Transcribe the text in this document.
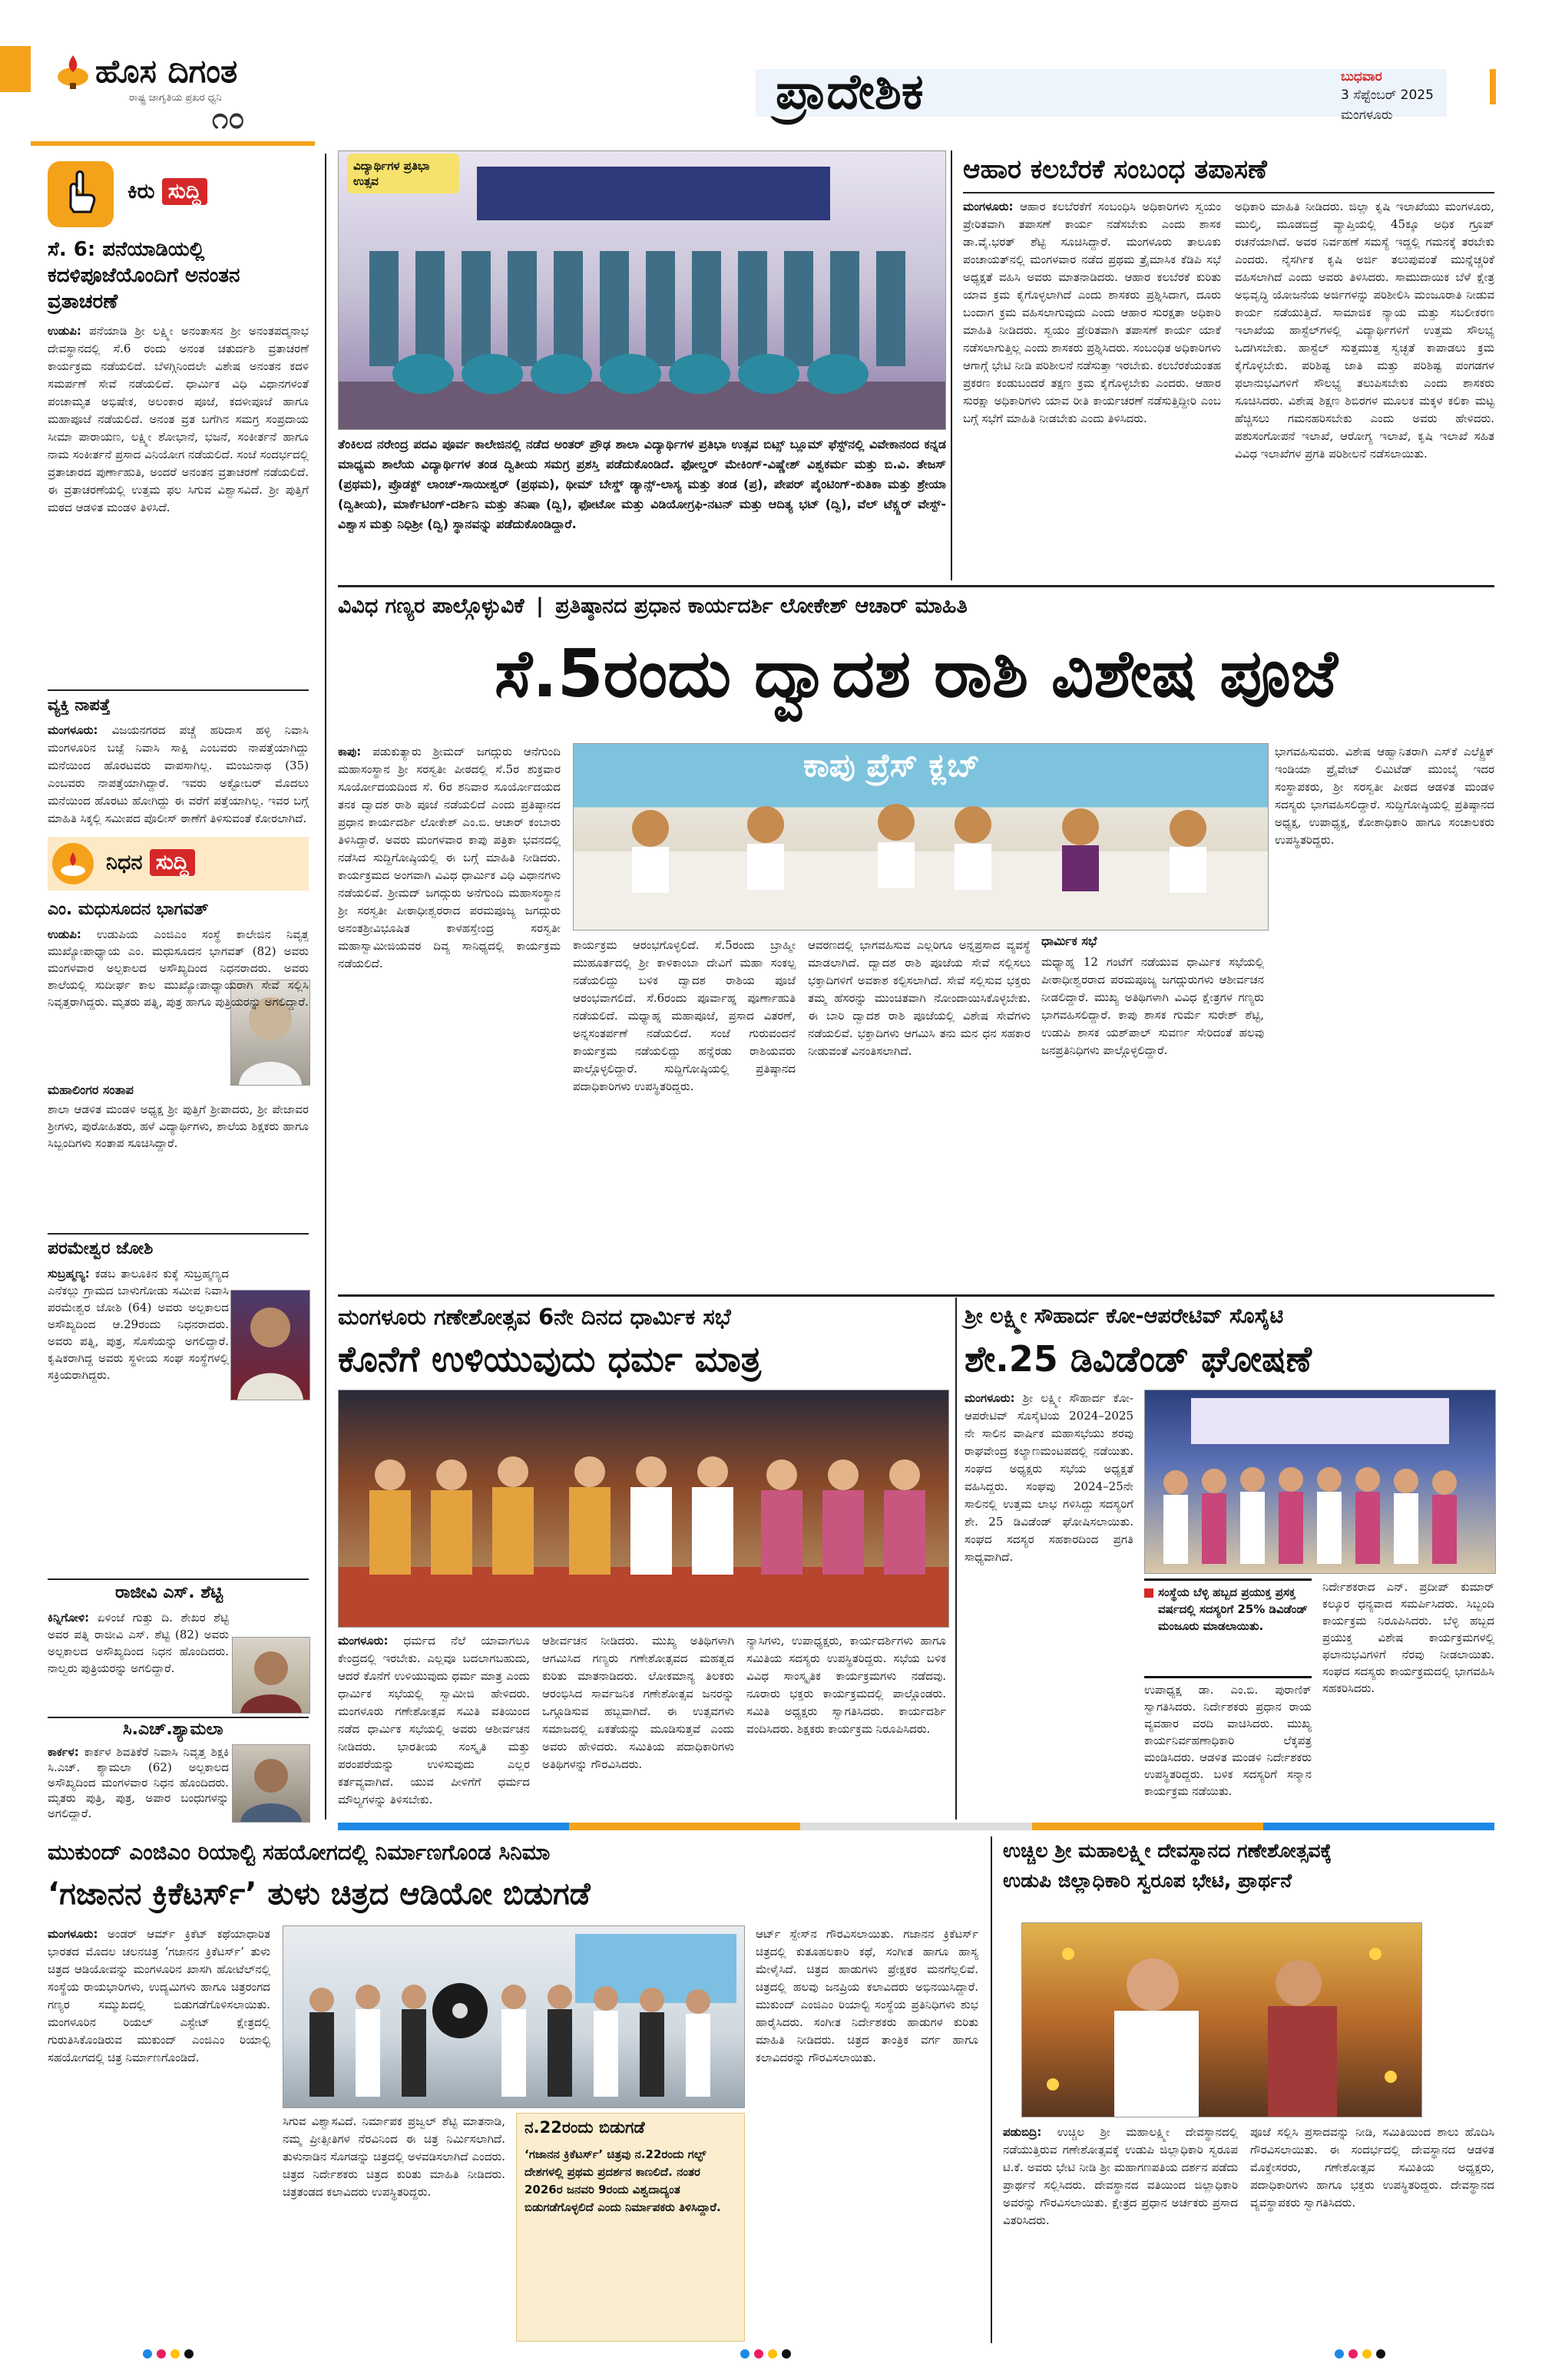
ಹೊಸ ದಿಗಂತ
ರಾಷ್ಟ್ರ ಜಾಗೃತಿಯ ಪ್ರಖರ ಧ್ವನಿ
೧೦	ಪ್ರಾದೇಶಿಕ	ಬುಧವಾರ
3 ಸೆಪ್ಟೆಂಬರ್ 2025
ಮಂಗಳೂರು
ಕಿರು ಸುದ್ದಿ
ಸೆ. 6: ಪನೆಯಾಡಿಯಲ್ಲಿ ಕದಳಿಪೂಜೆಯೊಂದಿಗೆ ಅನಂತನ ವ್ರತಾಚರಣೆ

ಉಡುಪಿ: ಪನೆಯಾಡಿ ಶ್ರೀ ಲಕ್ಷ್ಮೀ ಅನಂತಾಸನ ಶ್ರೀ ಅನಂತಪದ್ಮನಾಭ ದೇವಸ್ಥಾನದಲ್ಲಿ ಸೆ.6 ರಂದು ಅನಂತ ಚತುರ್ದಶಿ ವ್ರತಾಚರಣೆ ಕಾರ್ಯಕ್ರಮ ನಡೆಯಲಿದೆ. ಬೆಳಗ್ಗಿನಿಂದಲೇ ವಿಶೇಷ ಅನಂತನ ಕದಳಿ ಸಮರ್ಪಣೆ ಸೇವೆ ನಡೆಯಲಿದೆ. ಧಾರ್ಮಿಕ ವಿಧಿ ವಿಧಾನಗಳಂತೆ ಪಂಚಾಮೃತ ಅಭಿಷೇಕ, ಅಲಂಕಾರ ಪೂಜೆ, ಕದಳೀಪೂಜೆ ಹಾಗೂ ಮಹಾಪೂಜೆ ನಡೆಯಲಿದೆ. ಅನಂತ ವ್ರತ ಬಗೆಗಿನ ಸಮಗ್ರ ಸಂಪ್ರದಾಯ ಸೀಮಾ ಪಾರಾಯಣ, ಲಕ್ಷ್ಮೀ ಶೋಭಾನೆ, ಭಜನೆ, ಸಂಕೀರ್ತನೆ ಹಾಗೂ ನಾಮ ಸಂಕೀರ್ತನೆ ಪ್ರಸಾದ ವಿನಿಯೋಗ ನಡೆಯಲಿದೆ. ಸಂಜೆ ಸಂದರ್ಭದಲ್ಲಿ ವ್ರತಾಚಾರದ ಪುರ್ಣಾಹುತಿ, ಅಂದರೆ ಅನಂತನ ವ್ರತಾಚರಣೆ ನಡೆಯಲಿದೆ. ಈ ವ್ರತಾಚರಣೆಯಲ್ಲಿ ಉತ್ತಮ ಫಲ ಸಿಗುವ ವಿಶ್ವಾಸವಿದೆ. ಶ್ರೀ ಪುತ್ತಿಗೆ ಮಠದ ಆಡಳಿತ ಮಂಡಳಿ ತಿಳಿಸಿದೆ.

ವ್ಯಕ್ತಿ ನಾಪತ್ತೆ

ಮಂಗಳೂರು: ವಿಜಯನಗರದ ಪಚ್ಚೆ ಹರಿದಾಸ ಹಳ್ಳಿ ನಿವಾಸಿ ಮಂಗಳೂರಿನ ಬಜ್ಪೆ ನಿವಾಸಿ ಸಾಕ್ಷಿ ಎಂಬವರು ನಾಪತ್ತೆಯಾಗಿದ್ದು ಮನೆಯಿಂದ ಹೊರಟವರು ವಾಪಸಾಗಿಲ್ಲ. ಮಂಜುನಾಥ (35) ಎಂಬವರು ನಾಪತ್ತೆಯಾಗಿದ್ದಾರೆ. ಇವರು ಅಕ್ಟೋಬರ್ ಮೊದಲು ಮನೆಯಿಂದ ಹೊರಟು ಹೋಗಿದ್ದು ಈ ವರೆಗೆ ಪತ್ತೆಯಾಗಿಲ್ಲ. ಇವರ ಬಗ್ಗೆ ಮಾಹಿತಿ ಸಿಕ್ಕಲ್ಲಿ ಸಮೀಪದ ಪೊಲೀಸ್ ಠಾಣೆಗೆ ತಿಳಿಸುವಂತೆ ಕೋರಲಾಗಿದೆ.

ನಿಧನ ಸುದ್ದಿ
ಎಂ. ಮಧುಸೂದನ ಭಾಗವತ್

ಉಡುಪಿ: ಉಡುಪಿಯ ಎಂಜಿಎಂ ಸಂಸ್ಥೆ ಕಾಲೇಜಿನ ನಿವೃತ್ತ ಮುಖ್ಯೋಪಾಧ್ಯಾಯ ಎಂ. ಮಧುಸೂದನ ಭಾಗವತ್ (82) ಅವರು ಮಂಗಳವಾರ ಅಲ್ಪಕಾಲದ ಅಸೌಖ್ಯದಿಂದ ನಿಧನರಾದರು. ಅವರು ಶಾಲೆಯಲ್ಲಿ ಸುದೀರ್ಘ ಕಾಲ ಮುಖ್ಯೋಪಾಧ್ಯಾಯರಾಗಿ ಸೇವೆ ಸಲ್ಲಿಸಿ ನಿವೃತ್ತರಾಗಿದ್ದರು. ಮೃತರು ಪತ್ನಿ, ಪುತ್ರ ಹಾಗೂ ಪುತ್ರಿಯರನ್ನು ಅಗಲಿದ್ದಾರೆ.

ಮಹಾಲಿಂಗರ ಸಂತಾಪ

ಶಾಲಾ ಆಡಳಿತ ಮಂಡಳಿ ಅಧ್ಯಕ್ಷ ಶ್ರೀ ಪುತ್ತಿಗೆ ಶ್ರೀಪಾದರು, ಶ್ರೀ ಪೇಜಾವರ ಶ್ರೀಗಳು, ಪುರೋಹಿತರು, ಹಳೆ ವಿದ್ಯಾರ್ಥಿಗಳು, ಶಾಲೆಯ ಶಿಕ್ಷಕರು ಹಾಗೂ ಸಿಬ್ಬಂದಿಗಳು ಸಂತಾಪ ಸೂಚಿಸಿದ್ದಾರೆ.

ಪರಮೇಶ್ವರ ಜೋಶಿ

ಸುಬ್ರಹ್ಮಣ್ಯ: ಕಡಬ ತಾಲೂಕಿನ ಕುಕ್ಕೆ ಸುಬ್ರಹ್ಮಣ್ಯದ ಎನೆಕಲ್ಲು ಗ್ರಾಮದ ಬಾಳುಗೋಡು ಸಮೀಪ ನಿವಾಸಿ ಪರಮೇಶ್ವರ ಜೋಶಿ (64) ಅವರು ಅಲ್ಪಕಾಲದ ಅಸೌಖ್ಯದಿಂದ ಆ.29ರಂದು ನಿಧನರಾದರು. ಅವರು ಪತ್ನಿ, ಪುತ್ರ, ಸೊಸೆಯನ್ನು ಅಗಲಿದ್ದಾರೆ. ಕೃಷಿಕರಾಗಿದ್ದ ಅವರು ಸ್ಥಳೀಯ ಸಂಘ ಸಂಸ್ಥೆಗಳಲ್ಲಿ ಸಕ್ರಿಯರಾಗಿದ್ದರು.

ರಾಜೀವಿ ಎಸ್. ಶೆಟ್ಟಿ

ಕಿನ್ನಿಗೋಳಿ: ಏಳಿಂಜೆ ಗುತ್ತು ದಿ. ಶೇಖರ ಶೆಟ್ಟಿ ಅವರ ಪತ್ನಿ ರಾಜೀವಿ ಎಸ್. ಶೆಟ್ಟಿ (82) ಅವರು ಅಲ್ಪಕಾಲದ ಅಸೌಖ್ಯದಿಂದ ನಿಧನ ಹೊಂದಿದರು. ನಾಲ್ವರು ಪುತ್ರಿಯರನ್ನು ಅಗಲಿದ್ದಾರೆ.

ಸಿ.ಎಚ್.ಶ್ಯಾಮಲಾ

ಕಾರ್ಕಳ: ಕಾರ್ಕಳ ಶಿವತಿಕೆರೆ ನಿವಾಸಿ ನಿವೃತ್ತ ಶಿಕ್ಷಕಿ ಸಿ.ಎಚ್. ಶ್ಯಾಮಲಾ (62) ಅಲ್ಪಕಾಲದ ಅಸೌಖ್ಯದಿಂದ ಮಂಗಳವಾರ ನಿಧನ ಹೊಂದಿದರು. ಮೃತರು ಪುತ್ರಿ, ಪುತ್ರ, ಅಪಾರ ಬಂಧುಗಳನ್ನು ಅಗಲಿದ್ದಾರೆ.

ವಿದ್ಯಾರ್ಥಿಗಳ ಪ್ರತಿಭಾ ಉತ್ಸವ

ತೆಂಕಿಲದ ನರೇಂದ್ರ ಪದವಿ ಪೂರ್ವ ಕಾಲೇಜಿನಲ್ಲಿ ನಡೆದ ಅಂತರ್ ಪ್ರೌಢ ಶಾಲಾ ವಿದ್ಯಾರ್ಥಿಗಳ ಪ್ರತಿಭಾ ಉತ್ಸವ ಬಿಟ್ಸ್ ಬ್ಲೂಮ್ ಫೆಸ್ಟ್‌ನಲ್ಲಿ ವಿವೇಕಾನಂದ ಕನ್ನಡ ಮಾಧ್ಯಮ ಶಾಲೆಯ ವಿದ್ಯಾರ್ಥಿಗಳ ತಂಡ ದ್ವಿತೀಯ ಸಮಗ್ರ ಪ್ರಶಸ್ತಿ ಪಡೆದುಕೊಂಡಿದೆ. ಫೋಲ್ಡರ್ ಮೇಕಿಂಗ್-ವಿಷ್ಣೇಶ್ ವಿಶ್ವಕರ್ಮ ಮತ್ತು ಬಿ.ವಿ. ತೇಜಸ್ (ಪ್ರಥಮ), ಪ್ರೊಡಕ್ಟ್ ಲಾಂಚ್-ಸಾಯೀಶ್ವರ್ (ಪ್ರಥಮ), ಥೀಮ್ ಬೇಸ್ಡ್ ಡ್ಯಾನ್ಸ್-ಲಾಸ್ಯ ಮತ್ತು ತಂಡ (ಪ್ರ), ಪೇಪರ್ ಪೈಂಟಿಂಗ್-ಕುತಿಕಾ ಮತ್ತು ಶ್ರೇಯಾ (ದ್ವಿತೀಯ), ಮಾರ್ಕೆಟಿಂಗ್-ದರ್ಶಿನಿ ಮತ್ತು ತನಿಷಾ (ದ್ವಿ), ಫೋಟೋ ಮತ್ತು ವಿಡಿಯೋಗ್ರಫಿ-ನಟನ್ ಮತ್ತು ಆದಿತ್ಯ ಭಟ್ (ದ್ವಿ), ವೆಲ್ ಟೆಕ್ಸ್ಚರ್ ವೇಸ್ಟ್-ವಿಶ್ವಾಸ ಮತ್ತು ನಿಧಿಶ್ರೀ (ದ್ವಿ) ಸ್ಥಾನವನ್ನು ಪಡೆದುಕೊಂಡಿದ್ದಾರೆ.

ಆಹಾರ ಕಲಬೆರಕೆ ಸಂಬಂಧ ತಪಾಸಣೆ

ಮಂಗಳೂರು: ಆಹಾರ ಕಲಬೆರಕೆಗೆ ಸಂಬಂಧಿಸಿ ಅಧಿಕಾರಿಗಳು ಸ್ವಯಂ ಪ್ರೇರಿತವಾಗಿ ತಪಾಸಣೆ ಕಾರ್ಯ ನಡೆಸಬೇಕು ಎಂದು ಶಾಸಕ ಡಾ.ವೈ.ಭರತ್ ಶೆಟ್ಟಿ ಸೂಚಿಸಿದ್ದಾರೆ. ಮಂಗಳೂರು ತಾಲೂಕು ಪಂಚಾಯತ್‌ನಲ್ಲಿ ಮಂಗಳವಾರ ನಡೆದ ಪ್ರಥಮ ತ್ರೈಮಾಸಿಕ ಕೆಡಿಪಿ ಸಭೆ ಅಧ್ಯಕ್ಷತೆ ವಹಿಸಿ ಅವರು ಮಾತನಾಡಿದರು. ಆಹಾರ ಕಲಬೆರಕೆ ಕುರಿತು ಯಾವ ಕ್ರಮ ಕೈಗೊಳ್ಳಲಾಗಿದೆ ಎಂದು ಶಾಸಕರು ಪ್ರಶ್ನಿಸಿದಾಗ, ದೂರು ಬಂದಾಗ ಕ್ರಮ ವಹಿಸಲಾಗುವುದು ಎಂದು ಆಹಾರ ಸುರಕ್ಷತಾ ಅಧಿಕಾರಿ ಮಾಹಿತಿ ನೀಡಿದರು. ಸ್ವಯಂ ಪ್ರೇರಿತವಾಗಿ ತಪಾಸಣೆ ಕಾರ್ಯ ಯಾಕೆ ನಡೆಸಲಾಗುತ್ತಿಲ್ಲ ಎಂದು ಶಾಸಕರು ಪ್ರಶ್ನಿಸಿದರು. ಸಂಬಂಧಿತ ಅಧಿಕಾರಿಗಳು ಆಗಾಗ್ಗೆ ಭೇಟಿ ನೀಡಿ ಪರಿಶೀಲನೆ ನಡೆಸುತ್ತಾ ಇರಬೇಕು. ಕಲಬೆರಕೆಯಂತಹ ಪ್ರಕರಣ ಕಂಡುಬಂದರೆ ತಕ್ಷಣ ಕ್ರಮ ಕೈಗೊಳ್ಳಬೇಕು ಎಂದರು. ಆಹಾರ ಸುರಕ್ಷಾ ಅಧಿಕಾರಿಗಳು ಯಾವ ರೀತಿ ಕಾರ್ಯಚರಣೆ ನಡೆಸುತ್ತಿದ್ದೀರಿ ಎಂಬ ಬಗ್ಗೆ ಸಭೆಗೆ ಮಾಹಿತಿ ನೀಡಬೇಕು ಎಂದು ತಿಳಿಸಿದರು.

ಅಧಿಕಾರಿ ಮಾಹಿತಿ ನೀಡಿದರು. ಜಿಲ್ಲಾ ಕೃಷಿ ಇಲಾಖೆಯು ಮಂಗಳೂರು, ಮುಲ್ಕಿ, ಮೂಡಬಿದ್ರೆ ವ್ಯಾಪ್ತಿಯಲ್ಲಿ 45ಕ್ಕೂ ಅಧಿಕ ಗ್ರೂಪ್‌ ರಚನೆಯಾಗಿದೆ. ಅವರ ನಿರ್ವಹಣೆ ಸಮಸ್ಯೆ ಇದ್ದಲ್ಲಿ ಗಮನಕ್ಕೆ ತರಬೇಕು ಎಂದರು. ನೈಸರ್ಗಿಕ ಕೃಷಿ ಅರ್ಜಿ ತಲುಪುವಂತೆ ಮುನ್ನೆಚ್ಚರಿಕೆ ವಹಿಸಲಾಗಿದೆ ಎಂದು ಅವರು ತಿಳಿಸಿದರು. ಸಾಮುದಾಯಿಕ ಬೆಳೆ ಕ್ಷೇತ್ರ ಅಭಿವೃದ್ಧಿ ಯೋಜನೆಯ ಅರ್ಜಿಗಳನ್ನು ಪರಿಶೀಲಿಸಿ ಮಂಜೂರಾತಿ ನೀಡುವ ಕಾರ್ಯ ನಡೆಯುತ್ತಿದೆ. ಸಾಮಾಜಿಕ ನ್ಯಾಯ ಮತ್ತು ಸಬಲೀಕರಣ ಇಲಾಖೆಯ ಹಾಸ್ಟೆಲ್‌ಗಳಲ್ಲಿ ವಿದ್ಯಾರ್ಥಿಗಳಿಗೆ ಉತ್ತಮ ಸೌಲಭ್ಯ ಒದಗಿಸಬೇಕು. ಹಾಸ್ಟೆಲ್ ಸುತ್ತಮುತ್ತ ಸ್ವಚ್ಛತೆ ಕಾಪಾಡಲು ಕ್ರಮ ಕೈಗೊಳ್ಳಬೇಕು. ಪರಿಶಿಷ್ಟ ಜಾತಿ ಮತ್ತು ಪರಿಶಿಷ್ಟ ಪಂಗಡಗಳ ಫಲಾನುಭವಿಗಳಿಗೆ ಸೌಲಭ್ಯ ತಲುಪಿಸಬೇಕು ಎಂದು ಶಾಸಕರು ಸೂಚಿಸಿದರು. ವಿಶೇಷ ಶಿಕ್ಷಣ ಶಿಬಿರಗಳ ಮೂಲಕ ಮಕ್ಕಳ ಕಲಿಕಾ ಮಟ್ಟ ಹೆಚ್ಚಿಸಲು ಗಮನಹರಿಸಬೇಕು ಎಂದು ಅವರು ಹೇಳಿದರು. ಪಶುಸಂಗೋಪನೆ ಇಲಾಖೆ, ಆರೋಗ್ಯ ಇಲಾಖೆ, ಕೃಷಿ ಇಲಾಖೆ ಸಹಿತ ವಿವಿಧ ಇಲಾಖೆಗಳ ಪ್ರಗತಿ ಪರಿಶೀಲನೆ ನಡೆಸಲಾಯಿತು.

ವಿವಿಧ ಗಣ್ಯರ ಪಾಲ್ಗೊಳ್ಳುವಿಕೆ | ಪ್ರತಿಷ್ಠಾನದ ಪ್ರಧಾನ ಕಾರ್ಯದರ್ಶಿ ಲೋಕೇಶ್ ಆಚಾರ್ ಮಾಹಿತಿ
ಸೆ.5ರಂದು ದ್ವಾದಶ ರಾಶಿ ವಿಶೇಷ ಪೂಜೆ
ಕಾಪು ಪ್ರೆಸ್ ಕ್ಲಬ್

ಕಾಪು: ಪಡುಕುತ್ಯಾರು ಶ್ರೀಮದ್ ಜಗದ್ಗುರು ಆನೆಗುಂದಿ ಮಹಾಸಂಸ್ಥಾನ ಶ್ರೀ ಸರಸ್ವತೀ ಪೀಠದಲ್ಲಿ ಸೆ.5ರ ಶುಕ್ರವಾರ ಸೂರ್ಯೋದಯದಿಂದ ಸೆ. 6ರ ಶನಿವಾರ ಸೂರ್ಯೋದಯದ ತನಕ ದ್ವಾದಶ ರಾಶಿ ಪೂಜೆ ನಡೆಯಲಿದೆ ಎಂದು ಪ್ರತಿಷ್ಠಾನದ ಪ್ರಧಾನ ಕಾರ್ಯದರ್ಶಿ ಲೋಕೇಶ್ ಎಂ.ಬಿ. ಆಚಾರ್ ಕಂಬಾರು ತಿಳಿಸಿದ್ದಾರೆ. ಅವರು ಮಂಗಳವಾರ ಕಾಪು ಪತ್ರಿಕಾ ಭವನದಲ್ಲಿ ನಡೆಸಿದ ಸುದ್ದಿಗೋಷ್ಠಿಯಲ್ಲಿ ಈ ಬಗ್ಗೆ ಮಾಹಿತಿ ನೀಡಿದರು. ಕಾರ್ಯಕ್ರಮದ ಅಂಗವಾಗಿ ವಿವಿಧ ಧಾರ್ಮಿಕ ವಿಧಿ ವಿಧಾನಗಳು ನಡೆಯಲಿವೆ. ಶ್ರೀಮದ್ ಜಗದ್ಗುರು ಅನೆಗುಂದಿ ಮಹಾಸಂಸ್ಥಾನ ಶ್ರೀ ಸರಸ್ವತೀ ಪೀಠಾಧೀಶ್ವರರಾದ ಪರಮಪೂಜ್ಯ ಜಗದ್ಗುರು ಅನಂತಶ್ರೀವಿಭೂಷಿತ ಕಾಳಹಸ್ತೇಂದ್ರ ಸರಸ್ವತೀ ಮಹಾಸ್ವಾಮೀಜಿಯವರ ದಿವ್ಯ ಸಾನಿಧ್ಯದಲ್ಲಿ ಕಾರ್ಯಕ್ರಮ ನಡೆಯಲಿದೆ.

ಕಾರ್ಯಕ್ರಮ ಆರಂಭಗೊಳ್ಳಲಿದೆ. ಸೆ.5ರಂದು ಬ್ರಾಹ್ಮೀ ಮುಹೂರ್ತದಲ್ಲಿ ಶ್ರೀ ಕಾಳಿಕಾಂಬಾ ದೇವಿಗೆ ಮಹಾ ಸಂಕಲ್ಪ ನಡೆಯಲಿದ್ದು ಬಳಿಕ ದ್ವಾದಶ ರಾಶಿಯ ಪೂಜೆ ಆರಂಭವಾಗಲಿದೆ. ಸೆ.6ರಂದು ಪೂರ್ವಾಹ್ನ ಪೂರ್ಣಾಹುತಿ ನಡೆಯಲಿದೆ. ಮಧ್ಯಾಹ್ನ ಮಹಾಪೂಜೆ, ಪ್ರಸಾದ ವಿತರಣೆ, ಅನ್ನಸಂತರ್ಪಣೆ ನಡೆಯಲಿದೆ. ಸಂಜೆ ಗುರುವಂದನೆ ಕಾರ್ಯಕ್ರಮ ನಡೆಯಲಿದ್ದು ಹನ್ನೆರಡು ರಾಶಿಯವರು ಪಾಲ್ಗೊಳ್ಳಲಿದ್ದಾರೆ. ಸುದ್ದಿಗೋಷ್ಠಿಯಲ್ಲಿ ಪ್ರತಿಷ್ಠಾನದ ಪದಾಧಿಕಾರಿಗಳು ಉಪಸ್ಥಿತರಿದ್ದರು.

ಆವರಣದಲ್ಲಿ ಭಾಗವಹಿಸುವ ಎಲ್ಲರಿಗೂ ಅನ್ನಪ್ರಸಾದ ವ್ಯವಸ್ಥೆ ಮಾಡಲಾಗಿದೆ. ದ್ವಾದಶ ರಾಶಿ ಪೂಜೆಯ ಸೇವೆ ಸಲ್ಲಿಸಲು ಭಕ್ತಾದಿಗಳಿಗೆ ಅವಕಾಶ ಕಲ್ಪಿಸಲಾಗಿದೆ. ಸೇವೆ ಸಲ್ಲಿಸುವ ಭಕ್ತರು ತಮ್ಮ ಹೆಸರನ್ನು ಮುಂಚಿತವಾಗಿ ನೋಂದಾಯಿಸಿಕೊಳ್ಳಬೇಕು. ಈ ಬಾರಿ ದ್ವಾದಶ ರಾಶಿ ಪೂಜೆಯಲ್ಲಿ ವಿಶೇಷ ಸೇವೆಗಳು ನಡೆಯಲಿವೆ. ಭಕ್ತಾದಿಗಳು ಆಗಮಿಸಿ ತನು ಮನ ಧನ ಸಹಕಾರ ನೀಡುವಂತೆ ವಿನಂತಿಸಲಾಗಿದೆ.

ಧಾರ್ಮಿಕ ಸಭೆ

ಮಧ್ಯಾಹ್ನ 12 ಗಂಟೆಗೆ ನಡೆಯುವ ಧಾರ್ಮಿಕ ಸಭೆಯಲ್ಲಿ ಪೀಠಾಧೀಶ್ವರರಾದ ಪರಮಪೂಜ್ಯ ಜಗದ್ಗುರುಗಳು ಆಶೀರ್ವಚನ ನೀಡಲಿದ್ದಾರೆ. ಮುಖ್ಯ ಅತಿಥಿಗಳಾಗಿ ವಿವಿಧ ಕ್ಷೇತ್ರಗಳ ಗಣ್ಯರು ಭಾಗವಹಿಸಲಿದ್ದಾರೆ. ಕಾಪು ಶಾಸಕ ಗುರ್ಮೆ ಸುರೇಶ್ ಶೆಟ್ಟಿ, ಉಡುಪಿ ಶಾಸಕ ಯಶ್‌ಪಾಲ್ ಸುವರ್ಣ ಸೇರಿದಂತೆ ಹಲವು ಜನಪ್ರತಿನಿಧಿಗಳು ಪಾಲ್ಗೊಳ್ಳಲಿದ್ದಾರೆ.

ಭಾಗವಹಿಸುವರು. ವಿಶೇಷ ಆಹ್ವಾನಿತರಾಗಿ ಎಸ್‌ಕೆ ಎಲೆಕ್ಟ್ರಿಕ್ ಇಂಡಿಯಾ ಪ್ರೈವೇಟ್ ಲಿಮಿಟೆಡ್ ಮುಂಬೈ ಇದರ ಸಂಸ್ಥಾಪಕರು, ಶ್ರೀ ಸರಸ್ವತೀ ಪೀಠದ ಆಡಳಿತ ಮಂಡಳಿ ಸದಸ್ಯರು ಭಾಗವಹಿಸಲಿದ್ದಾರೆ. ಸುದ್ದಿಗೋಷ್ಠಿಯಲ್ಲಿ ಪ್ರತಿಷ್ಠಾನದ ಅಧ್ಯಕ್ಷ, ಉಪಾಧ್ಯಕ್ಷ, ಕೋಶಾಧಿಕಾರಿ ಹಾಗೂ ಸಂಚಾಲಕರು ಉಪಸ್ಥಿತರಿದ್ದರು.

ಮಂಗಳೂರು ಗಣೇಶೋತ್ಸವ 6ನೇ ದಿನದ ಧಾರ್ಮಿಕ ಸಭೆ
ಕೊನೆಗೆ ಉಳಿಯುವುದು ಧರ್ಮ ಮಾತ್ರ

ಮಂಗಳೂರು: ಧರ್ಮದ ನೆಲೆ ಯಾವಾಗಲೂ ಕೇಂದ್ರದಲ್ಲಿ ಇರಬೇಕು. ಎಲ್ಲವೂ ಬದಲಾಗಬಹುದು, ಆದರೆ ಕೊನೆಗೆ ಉಳಿಯುವುದು ಧರ್ಮ ಮಾತ್ರ ಎಂದು ಧಾರ್ಮಿಕ ಸಭೆಯಲ್ಲಿ ಸ್ವಾಮೀಜಿ ಹೇಳಿದರು. ಮಂಗಳೂರು ಗಣೇಶೋತ್ಸವ ಸಮಿತಿ ವತಿಯಿಂದ ನಡೆದ ಧಾರ್ಮಿಕ ಸಭೆಯಲ್ಲಿ ಅವರು ಆಶೀರ್ವಚನ ನೀಡಿದರು. ಭಾರತೀಯ ಸಂಸ್ಕೃತಿ ಮತ್ತು ಪರಂಪರೆಯನ್ನು ಉಳಿಸುವುದು ಎಲ್ಲರ ಕರ್ತವ್ಯವಾಗಿದೆ. ಯುವ ಪೀಳಿಗೆಗೆ ಧರ್ಮದ ಮೌಲ್ಯಗಳನ್ನು ತಿಳಿಸಬೇಕು.

ಆಶೀರ್ವಚನ ನೀಡಿದರು. ಮುಖ್ಯ ಅತಿಥಿಗಳಾಗಿ ಆಗಮಿಸಿದ ಗಣ್ಯರು ಗಣೇಶೋತ್ಸವದ ಮಹತ್ವದ ಕುರಿತು ಮಾತನಾಡಿದರು. ಲೋಕಮಾನ್ಯ ತಿಲಕರು ಆರಂಭಿಸಿದ ಸಾರ್ವಜನಿಕ ಗಣೇಶೋತ್ಸವ ಜನರನ್ನು ಒಗ್ಗೂಡಿಸುವ ಹಬ್ಬವಾಗಿದೆ. ಈ ಉತ್ಸವಗಳು ಸಮಾಜದಲ್ಲಿ ಏಕತೆಯನ್ನು ಮೂಡಿಸುತ್ತವೆ ಎಂದು ಅವರು ಹೇಳಿದರು. ಸಮಿತಿಯ ಪದಾಧಿಕಾರಿಗಳು ಅತಿಥಿಗಳನ್ನು ಗೌರವಿಸಿದರು.

ನ್ಯಾಸಿಗಳು, ಉಪಾಧ್ಯಕ್ಷರು, ಕಾರ್ಯದರ್ಶಿಗಳು ಹಾಗೂ ಸಮಿತಿಯ ಸದಸ್ಯರು ಉಪಸ್ಥಿತರಿದ್ದರು. ಸಭೆಯ ಬಳಿಕ ವಿವಿಧ ಸಾಂಸ್ಕೃತಿಕ ಕಾರ್ಯಕ್ರಮಗಳು ನಡೆದವು. ನೂರಾರು ಭಕ್ತರು ಕಾರ್ಯಕ್ರಮದಲ್ಲಿ ಪಾಲ್ಗೊಂಡರು. ಸಮಿತಿ ಅಧ್ಯಕ್ಷರು ಸ್ವಾಗತಿಸಿದರು. ಕಾರ್ಯದರ್ಶಿ ವಂದಿಸಿದರು. ಶಿಕ್ಷಕರು ಕಾರ್ಯಕ್ರಮ ನಿರೂಪಿಸಿದರು.

ಶ್ರೀ ಲಕ್ಷ್ಮೀ ಸೌಹಾರ್ದ ಕೋ-ಆಪರೇಟಿವ್ ಸೊಸೈಟಿ
ಶೇ.25 ಡಿವಿಡೆಂಡ್ ಘೋಷಣೆ

ಮಂಗಳೂರು: ಶ್ರೀ ಲಕ್ಷ್ಮೀ ಸೌಹಾರ್ದ ಕೋ-ಆಪರೇಟಿವ್ ಸೊಸೈಟಿಯ 2024–2025 ನೇ ಸಾಲಿನ ವಾರ್ಷಿಕ ಮಹಾಸಭೆಯು ಶರವು ರಾಘವೇಂದ್ರ ಕಲ್ಯಾಣಮಂಟಪದಲ್ಲಿ ನಡೆಯಿತು. ಸಂಘದ ಅಧ್ಯಕ್ಷರು ಸಭೆಯ ಅಧ್ಯಕ್ಷತೆ ವಹಿಸಿದ್ದರು. ಸಂಘವು 2024–25ನೇ ಸಾಲಿನಲ್ಲಿ ಉತ್ತಮ ಲಾಭ ಗಳಿಸಿದ್ದು ಸದಸ್ಯರಿಗೆ ಶೇ. 25 ಡಿವಿಡೆಂಡ್ ಘೋಷಿಸಲಾಯಿತು. ಸಂಘದ ಸದಸ್ಯರ ಸಹಕಾರದಿಂದ ಪ್ರಗತಿ ಸಾಧ್ಯವಾಗಿದೆ.

ಸಂಸ್ಥೆಯ ಬೆಳ್ಳಿ ಹಬ್ಬದ ಪ್ರಯುಕ್ತ ಪ್ರಸಕ್ತ ವರ್ಷದಲ್ಲಿ ಸದಸ್ಯರಿಗೆ 25% ಡಿವಿಡೆಂಡ್ ಮಂಜೂರು ಮಾಡಲಾಯಿತು.

ಉಪಾಧ್ಯಕ್ಷ ಡಾ. ಎಂ.ಬಿ. ಪುರಾಣಿಕ್ ಸ್ವಾಗತಿಸಿದರು. ನಿರ್ದೇಶಕರು ಪ್ರಧಾನ ರಾಯ ವ್ಯವಹಾರ ವರದಿ ವಾಚಿಸಿದರು. ಮುಖ್ಯ ಕಾರ್ಯನಿರ್ವಹಣಾಧಿಕಾರಿ ಲೆಕ್ಕಪತ್ರ ಮಂಡಿಸಿದರು. ಆಡಳಿತ ಮಂಡಳಿ ನಿರ್ದೇಶಕರು ಉಪಸ್ಥಿತರಿದ್ದರು. ಬಳಿಕ ಸದಸ್ಯರಿಗೆ ಸನ್ಮಾನ ಕಾರ್ಯಕ್ರಮ ನಡೆಯಿತು.

ನಿರ್ದೇಶಕರಾದ ಎನ್. ಪ್ರದೀಪ್ ಕುಮಾರ್ ಕಲ್ಕೂರ ಧನ್ಯವಾದ ಸಮರ್ಪಿಸಿದರು. ಸಿಬ್ಬಂದಿ ಕಾರ್ಯಕ್ರಮ ನಿರೂಪಿಸಿದರು. ಬೆಳ್ಳಿ ಹಬ್ಬದ ಪ್ರಯುಕ್ತ ವಿಶೇಷ ಕಾರ್ಯಕ್ರಮಗಳಲ್ಲಿ ಫಲಾನುಭವಿಗಳಿಗೆ ನೆರವು ನೀಡಲಾಯಿತು. ಸಂಘದ ಸದಸ್ಯರು ಕಾರ್ಯಕ್ರಮದಲ್ಲಿ ಭಾಗವಹಿಸಿ ಸಹಕರಿಸಿದರು.

ಮುಕುಂದ್ ಎಂಜಿಎಂ ರಿಯಾಲ್ಟಿ ಸಹಯೋಗದಲ್ಲಿ ನಿರ್ಮಾಣಗೊಂಡ ಸಿನಿಮಾ
‘ಗಜಾನನ ಕ್ರಿಕೆಟರ್ಸ್’ ತುಳು ಚಿತ್ರದ ಆಡಿಯೋ ಬಿಡುಗಡೆ

ಮಂಗಳೂರು: ಅಂಡರ್ ಆರ್ಮ್ ಕ್ರಿಕೆಟ್ ಕಥೆಯಾಧಾರಿತ ಭಾರತದ ಮೊದಲ ಚಲನಚಿತ್ರ ‘ಗಜಾನನ ಕ್ರಿಕೆಟರ್ಸ್’ ತುಳು ಚಿತ್ರದ ಆಡಿಯೋವನ್ನು ಮಂಗಳೂರಿನ ಖಾಸಗಿ ಹೋಟೆಲ್‌ನಲ್ಲಿ ಸಂಸ್ಥೆಯ ರಾಯಭಾರಿಗಳು, ಉದ್ಯಮಿಗಳು ಹಾಗೂ ಚಿತ್ರರಂಗದ ಗಣ್ಯರ ಸಮ್ಮುಖದಲ್ಲಿ ಬಿಡುಗಡೆಗೊಳಿಸಲಾಯಿತು. ಮಂಗಳೂರಿನ ರಿಯಲ್ ಎಸ್ಟೇಟ್ ಕ್ಷೇತ್ರದಲ್ಲಿ ಗುರುತಿಸಿಕೊಂಡಿರುವ ಮುಕುಂದ್ ಎಂಜಿಎಂ ರಿಯಾಲ್ಟಿ ಸಹಯೋಗದಲ್ಲಿ ಚಿತ್ರ ನಿರ್ಮಾಣಗೊಂಡಿದೆ.

ಸಿಗುವ ವಿಶ್ವಾಸವಿದೆ. ನಿರ್ಮಾಪಕ ಪ್ರಜ್ವಲ್ ಶೆಟ್ಟಿ ಮಾತನಾಡಿ, ನಮ್ಮ ಪ್ರೀತ್ಸೀತಿಗಳ ನೆರವಿನಿಂದ ಈ ಚಿತ್ರ ನಿರ್ಮಿಸಲಾಗಿದೆ. ತುಳುನಾಡಿನ ಸೊಗಡನ್ನು ಚಿತ್ರದಲ್ಲಿ ಅಳವಡಿಸಲಾಗಿದೆ ಎಂದರು. ಚಿತ್ರದ ನಿರ್ದೇಶಕರು ಚಿತ್ರದ ಕುರಿತು ಮಾಹಿತಿ ನೀಡಿದರು. ಚಿತ್ರತಂಡದ ಕಲಾವಿದರು ಉಪಸ್ಥಿತರಿದ್ದರು.

ನ.22ರಂದು ಬಿಡುಗಡೆ
‘ಗಜಾನನ ಕ್ರಿಕೆಟರ್ಸ್’ ಚಿತ್ರವು ನ.22ರಂದು ಗಲ್ಫ್ ದೇಶಗಳಲ್ಲಿ ಪ್ರಥಮ ಪ್ರದರ್ಶನ ಕಾಣಲಿದೆ. ನಂತರ 2026ರ ಜನವರಿ 9ರಂದು ವಿಶ್ವದಾದ್ಯಂತ ಬಿಡುಗಡೆಗೊಳ್ಳಲಿದೆ ಎಂದು ನಿರ್ಮಾಪಕರು ತಿಳಿಸಿದ್ದಾರೆ.

ಆರ್ಟ್ ಸ್ಪೇಸ್‌ನ ಗೌರವಿಸಲಾಯಿತು. ಗಜಾನನ ಕ್ರಿಕೆಟರ್ಸ್ ಚಿತ್ರದಲ್ಲಿ ಕುತೂಹಲಕಾರಿ ಕಥೆ, ಸಂಗೀತ ಹಾಗೂ ಹಾಸ್ಯ ಮೇಳೈಸಿದೆ. ಚಿತ್ರದ ಹಾಡುಗಳು ಪ್ರೇಕ್ಷಕರ ಮನಗೆಲ್ಲಲಿವೆ. ಚಿತ್ರದಲ್ಲಿ ಹಲವು ಜನಪ್ರಿಯ ಕಲಾವಿದರು ಅಭಿನಯಿಸಿದ್ದಾರೆ. ಮುಕುಂದ್ ಎಂಜಿಎಂ ರಿಯಾಲ್ಟಿ ಸಂಸ್ಥೆಯ ಪ್ರತಿನಿಧಿಗಳು ಶುಭ ಹಾರೈಸಿದರು. ಸಂಗೀತ ನಿರ್ದೇಶಕರು ಹಾಡುಗಳ ಕುರಿತು ಮಾಹಿತಿ ನೀಡಿದರು. ಚಿತ್ರದ ತಾಂತ್ರಿಕ ವರ್ಗ ಹಾಗೂ ಕಲಾವಿದರನ್ನು ಗೌರವಿಸಲಾಯಿತು.

ಉಚ್ಚಿಲ ಶ್ರೀ ಮಹಾಲಕ್ಷ್ಮೀ ದೇವಸ್ಥಾನದ ಗಣೇಶೋತ್ಸವಕ್ಕೆ
ಉಡುಪಿ ಜಿಲ್ಲಾಧಿಕಾರಿ ಸ್ವರೂಪ ಭೇಟಿ, ಪ್ರಾರ್ಥನೆ

ಪಡುಬಿದ್ರಿ: ಉಚ್ಚಿಲ ಶ್ರೀ ಮಹಾಲಕ್ಷ್ಮೀ ದೇವಸ್ಥಾನದಲ್ಲಿ ನಡೆಯುತ್ತಿರುವ ಗಣೇಶೋತ್ಸವಕ್ಕೆ ಉಡುಪಿ ಜಿಲ್ಲಾಧಿಕಾರಿ ಸ್ವರೂಪ ಟಿ.ಕೆ. ಅವರು ಭೇಟಿ ನೀಡಿ ಶ್ರೀ ಮಹಾಗಣಪತಿಯ ದರ್ಶನ ಪಡೆದು ಪ್ರಾರ್ಥನೆ ಸಲ್ಲಿಸಿದರು. ದೇವಸ್ಥಾನದ ವತಿಯಿಂದ ಜಿಲ್ಲಾಧಿಕಾರಿ ಅವರನ್ನು ಗೌರವಿಸಲಾಯಿತು. ಕ್ಷೇತ್ರದ ಪ್ರಧಾನ ಅರ್ಚಕರು ಪ್ರಸಾದ ವಿತರಿಸಿದರು.

ಪೂಜೆ ಸಲ್ಲಿಸಿ ಪ್ರಸಾದವನ್ನು ನೀಡಿ, ಸಮಿತಿಯಿಂದ ಶಾಲು ಹೊದಿಸಿ ಗೌರವಿಸಲಾಯಿತು. ಈ ಸಂದರ್ಭದಲ್ಲಿ ದೇವಸ್ಥಾನದ ಆಡಳಿತ ಮೊಕ್ತೇಸರರು, ಗಣೇಶೋತ್ಸವ ಸಮಿತಿಯ ಅಧ್ಯಕ್ಷರು, ಪದಾಧಿಕಾರಿಗಳು ಹಾಗೂ ಭಕ್ತರು ಉಪಸ್ಥಿತರಿದ್ದರು. ದೇವಸ್ಥಾನದ ವ್ಯವಸ್ಥಾಪಕರು ಸ್ವಾಗತಿಸಿದರು.
